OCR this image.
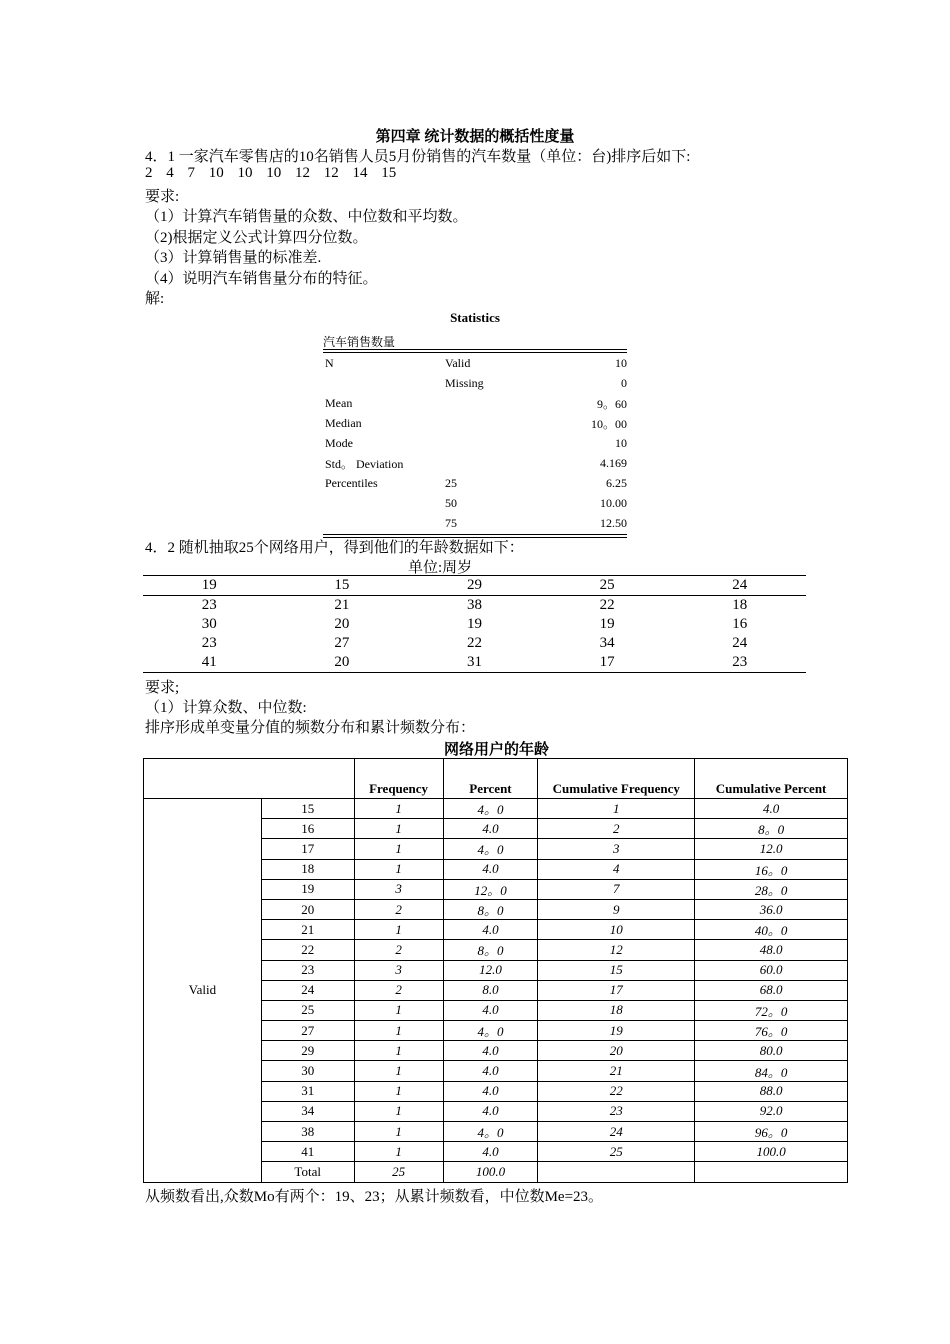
第四章 统计数据的概括性度量
4．1 一家汽车零售店的10名销售人员5月份销售的汽车数量（单位：台)排序后如下:
2 4 7 10 10 10 12 12 14 15
要求:
（1）计算汽车销售量的众数、中位数和平均数。
（2)根据定义公式计算四分位数。
（3）计算销售量的标准差.
（4）说明汽车销售量分布的特征。
解:
Statistics
汽车销售数量
N	Valid	10
	Missing	0
Mean		9。60
Median		10。00
Mode		10
Std。 Deviation		4.169
Percentiles	25	6.25
	50	10.00
	75	12.50
4．2 随机抽取25个网络用户，得到他们的年龄数据如下：
单位:周岁
19	15	29	25	24
23	21	38	22	18
30	20	19	19	16
23	27	22	34	24
41	20	31	17	23
要求;
（1）计算众数、中位数:
排序形成单变量分值的频数分布和累计频数分布：
网络用户的年龄
		Frequency	Percent	Cumulative Frequency	Cumulative Percent
Valid	15	1	4。0	1	4.0
	16	1	4.0	2	8。0
	17	1	4。0	3	12.0
	18	1	4.0	4	16。0
	19	3	12。0	7	28。0
	20	2	8。0	9	36.0
	21	1	4.0	10	40。0
	22	2	8。0	12	48.0
	23	3	12.0	15	60.0
	24	2	8.0	17	68.0
	25	1	4.0	18	72。0
	27	1	4。0	19	76。0
	29	1	4.0	20	80.0
	30	1	4.0	21	84。0
	31	1	4.0	22	88.0
	34	1	4.0	23	92.0
	38	1	4。0	24	96。0
	41	1	4.0	25	100.0
	Total	25	100.0		
从频数看出,众数Mo有两个：19、23；从累计频数看，中位数Me=23。
